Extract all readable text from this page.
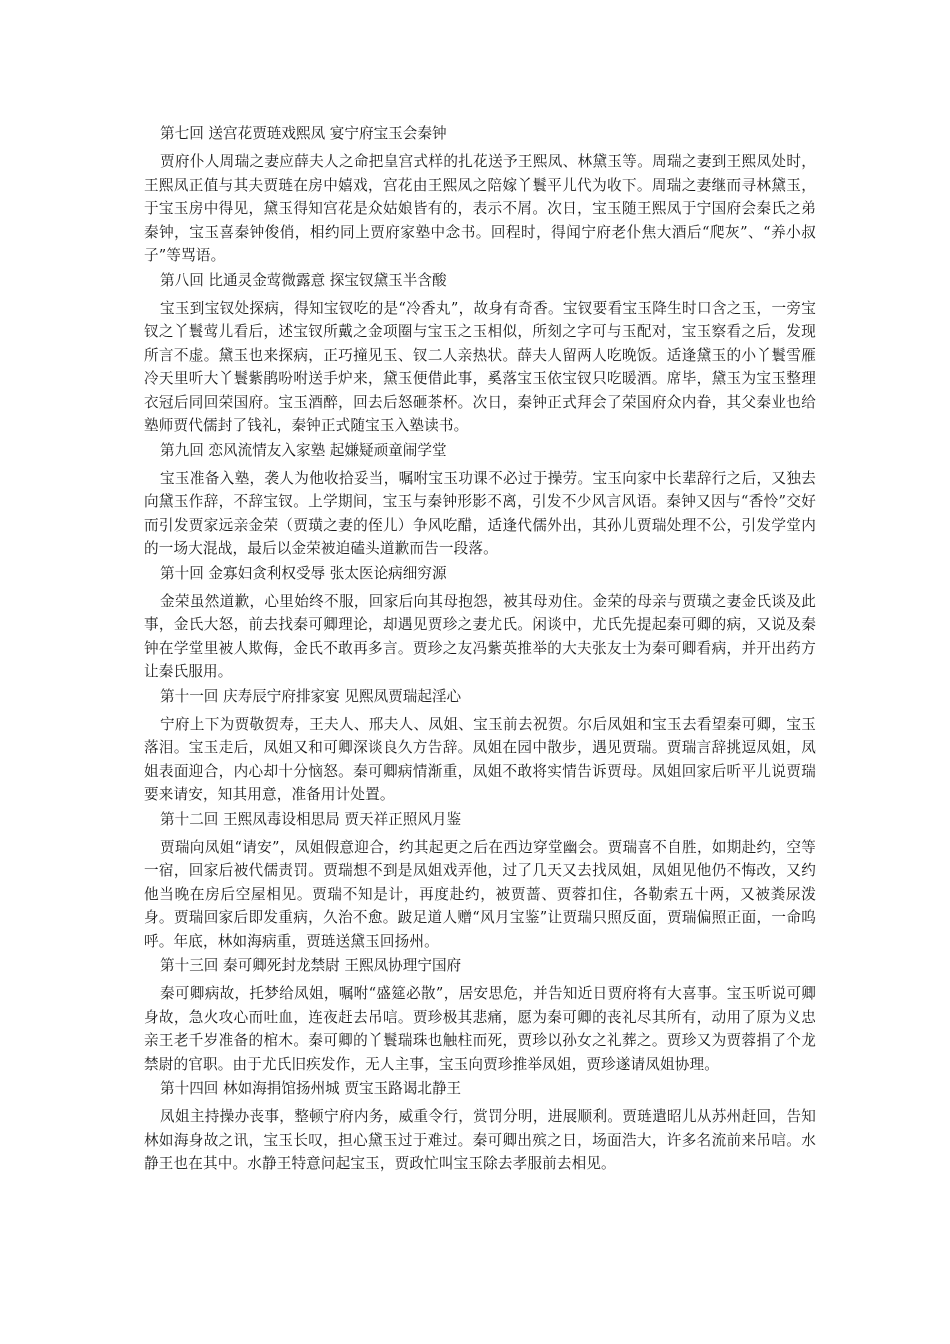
第七回 送宫花贾琏戏熙凤 宴宁府宝玉会秦钟

贾府仆人周瑞之妻应薛夫人之命把皇宫式样的扎花送予王熙凤、林黛玉等。周瑞之妻到王熙凤处时，王熙凤正值与其夫贾琏在房中嬉戏，宫花由王熙凤之陪嫁丫鬟平儿代为收下。周瑞之妻继而寻林黛玉，于宝玉房中得见，黛玉得知宫花是众姑娘皆有的，表示不屑。次日，宝玉随王熙凤于宁国府会秦氏之弟秦钟，宝玉喜秦钟俊俏，相约同上贾府家塾中念书。回程时，得闻宁府老仆焦大酒后“爬灰”、“养小叔子”等骂语。

第八回 比通灵金莺微露意 探宝钗黛玉半含酸

宝玉到宝钗处探病，得知宝钗吃的是“冷香丸”，故身有奇香。宝钗要看宝玉降生时口含之玉，一旁宝钗之丫鬟莺儿看后，述宝钗所戴之金项圈与宝玉之玉相似，所刻之字可与玉配对，宝玉察看之后，发现所言不虚。黛玉也来探病，正巧撞见玉、钗二人亲热状。薛夫人留两人吃晚饭。适逢黛玉的小丫鬟雪雁冷天里听大丫鬟紫鹃吩咐送手炉来，黛玉便借此事，奚落宝玉依宝钗只吃暖酒。席毕，黛玉为宝玉整理衣冠后同回荣国府。宝玉酒醉，回去后怒砸茶杯。次日，秦钟正式拜会了荣国府众内眷，其父秦业也给塾师贾代儒封了钱礼，秦钟正式随宝玉入塾读书。

第九回 恋风流情友入家塾 起嫌疑顽童闹学堂

宝玉准备入塾，袭人为他收拾妥当，嘱咐宝玉功课不必过于操劳。宝玉向家中长辈辞行之后，又独去向黛玉作辞，不辞宝钗。上学期间，宝玉与秦钟形影不离，引发不少风言风语。秦钟又因与“香怜”交好而引发贾家远亲金荣（贾璜之妻的侄儿）争风吃醋，适逢代儒外出，其孙儿贾瑞处理不公，引发学堂内的一场大混战，最后以金荣被迫磕头道歉而告一段落。

第十回 金寡妇贪利权受辱 张太医论病细穷源

金荣虽然道歉，心里始终不服，回家后向其母抱怨，被其母劝住。金荣的母亲与贾璜之妻金氏谈及此事，金氏大怒，前去找秦可卿理论，却遇见贾珍之妻尤氏。闲谈中，尤氏先提起秦可卿的病，又说及秦钟在学堂里被人欺侮，金氏不敢再多言。贾珍之友冯紫英推举的大夫张友士为秦可卿看病，并开出药方让秦氏服用。

第十一回 庆寿辰宁府排家宴 见熙凤贾瑞起淫心

宁府上下为贾敬贺寿，王夫人、邢夫人、凤姐、宝玉前去祝贺。尔后凤姐和宝玉去看望秦可卿，宝玉落泪。宝玉走后，凤姐又和可卿深谈良久方告辞。凤姐在园中散步，遇见贾瑞。贾瑞言辞挑逗凤姐，凤姐表面迎合，内心却十分恼怒。秦可卿病情渐重，凤姐不敢将实情告诉贾母。凤姐回家后听平儿说贾瑞要来请安，知其用意，准备用计处置。

第十二回 王熙凤毒设相思局 贾天祥正照风月鉴

贾瑞向凤姐“请安”，凤姐假意迎合，约其起更之后在西边穿堂幽会。贾瑞喜不自胜，如期赴约，空等一宿，回家后被代儒责罚。贾瑞想不到是凤姐戏弄他，过了几天又去找凤姐，凤姐见他仍不悔改，又约他当晚在房后空屋相见。贾瑞不知是计，再度赴约，被贾蔷、贾蓉扣住，各勒索五十两，又被粪尿泼身。贾瑞回家后即发重病，久治不愈。跛足道人赠“风月宝鉴”让贾瑞只照反面，贾瑞偏照正面，一命呜呼。年底，林如海病重，贾琏送黛玉回扬州。

第十三回 秦可卿死封龙禁尉 王熙凤协理宁国府

秦可卿病故，托梦给凤姐，嘱咐“盛筵必散”，居安思危，并告知近日贾府将有大喜事。宝玉听说可卿身故，急火攻心而吐血，连夜赶去吊唁。贾珍极其悲痛，愿为秦可卿的丧礼尽其所有，动用了原为义忠亲王老千岁准备的棺木。秦可卿的丫鬟瑞珠也触柱而死，贾珍以孙女之礼葬之。贾珍又为贾蓉捐了个龙禁尉的官职。由于尤氏旧疾发作，无人主事，宝玉向贾珍推举凤姐，贾珍遂请凤姐协理。

第十四回 林如海捐馆扬州城 贾宝玉路谒北静王

凤姐主持操办丧事，整顿宁府内务，威重令行，赏罚分明，进展顺利。贾琏遣昭儿从苏州赶回，告知林如海身故之讯，宝玉长叹，担心黛玉过于难过。秦可卿出殡之日，场面浩大，许多名流前来吊唁。水静王也在其中。水静王特意问起宝玉，贾政忙叫宝玉除去孝服前去相见。
